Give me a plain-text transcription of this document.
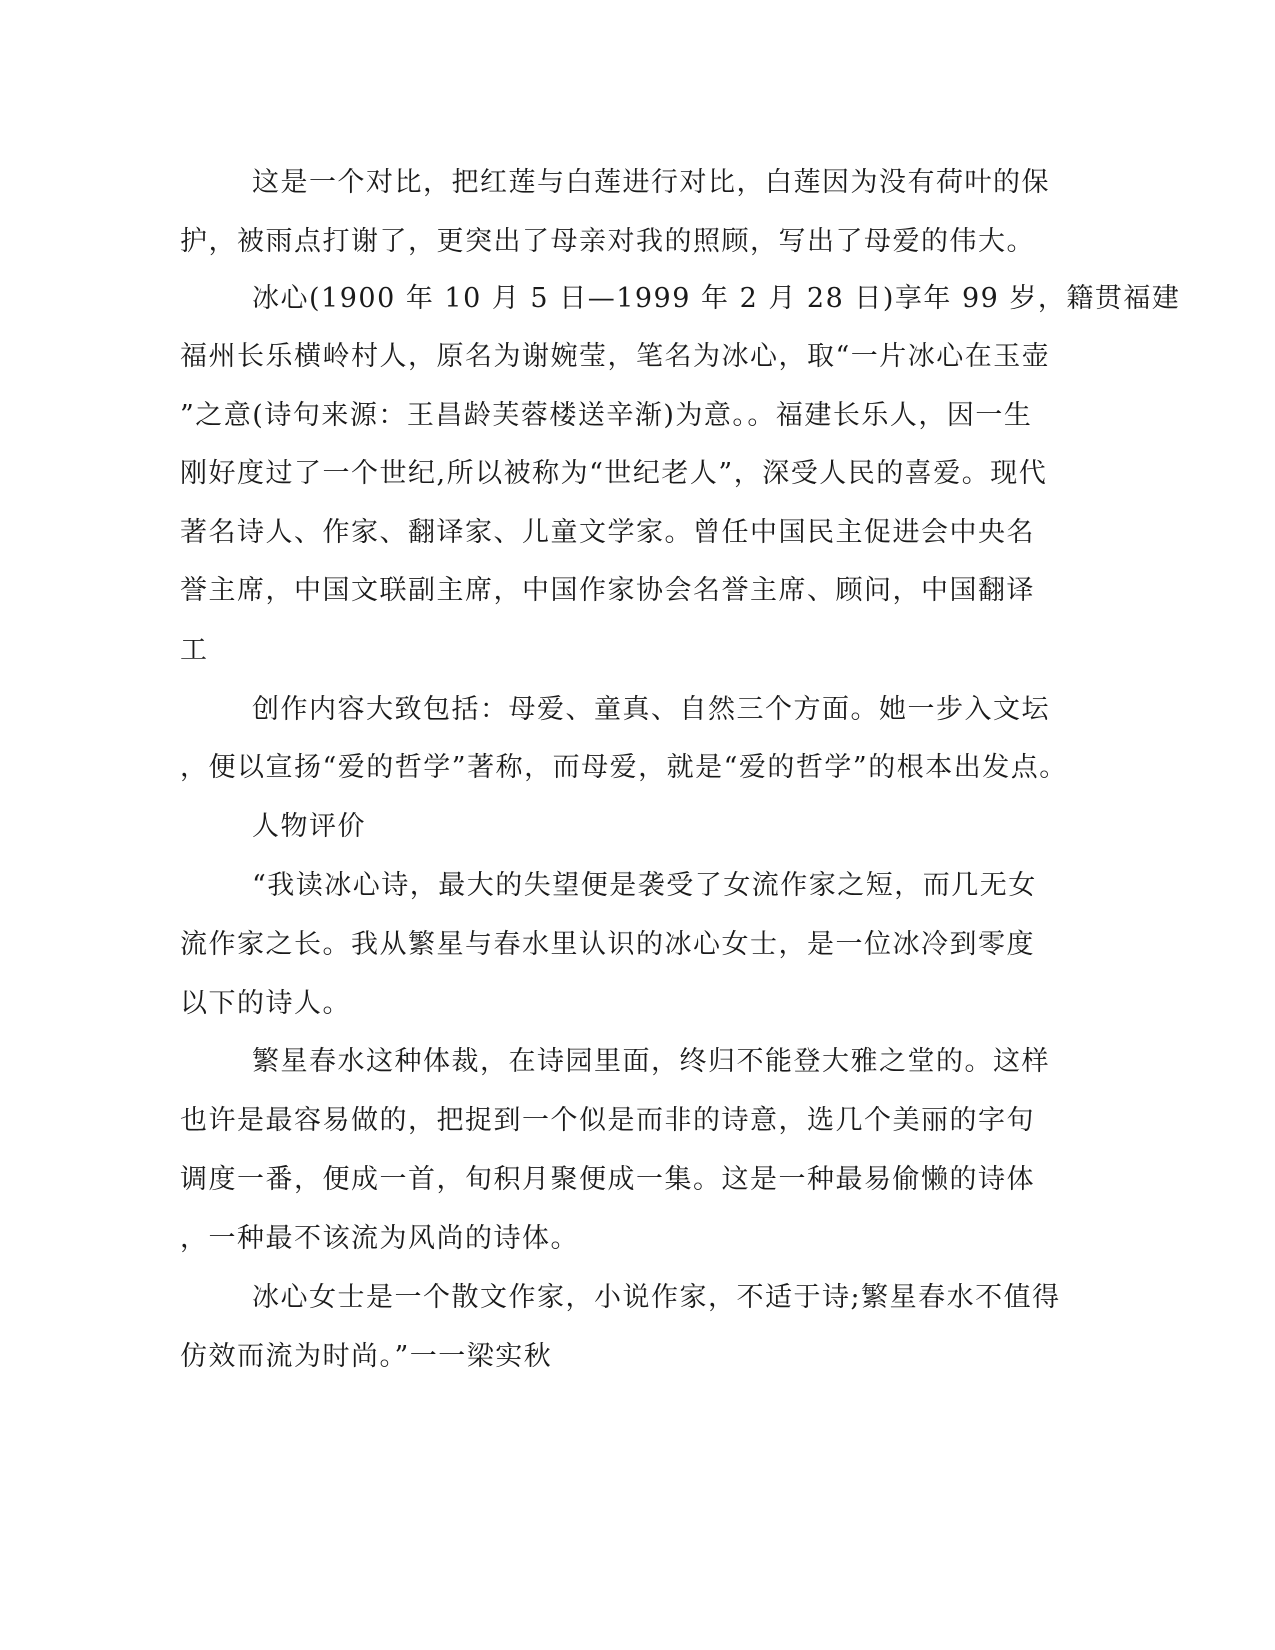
这是一个对比，把红莲与白莲进行对比，白莲因为没有荷叶的保
护，被雨点打谢了，更突出了母亲对我的照顾，写出了母爱的伟大。
冰心(1900 年 10 月 5 日—1999 年 2 月 28 日)享年 99 岁，籍贯福建
福州长乐横岭村人，原名为谢婉莹，笔名为冰心，取“一片冰心在玉壶
”之意(诗句来源：王昌龄芙蓉楼送辛渐)为意。。福建长乐人，因一生
刚好度过了一个世纪,所以被称为“世纪老人”，深受人民的喜爱。现代
著名诗人、作家、翻译家、儿童文学家。曾任中国民主促进会中央名
誉主席，中国文联副主席，中国作家协会名誉主席、顾问，中国翻译
工
创作内容大致包括：母爱、童真、自然三个方面。她一步入文坛
，便以宣扬“爱的哲学”著称，而母爱，就是“爱的哲学”的根本出发点。
人物评价
“我读冰心诗，最大的失望便是袭受了女流作家之短，而几无女
流作家之长。我从繁星与春水里认识的冰心女士，是一位冰冷到零度
以下的诗人。
繁星春水这种体裁，在诗园里面，终归不能登大雅之堂的。这样
也许是最容易做的，把捉到一个似是而非的诗意，选几个美丽的字句
调度一番，便成一首，旬积月聚便成一集。这是一种最易偷懒的诗体
，一种最不该流为风尚的诗体。
冰心女士是一个散文作家，小说作家，不适于诗;繁星春水不值得
仿效而流为时尚。”一一梁实秋
